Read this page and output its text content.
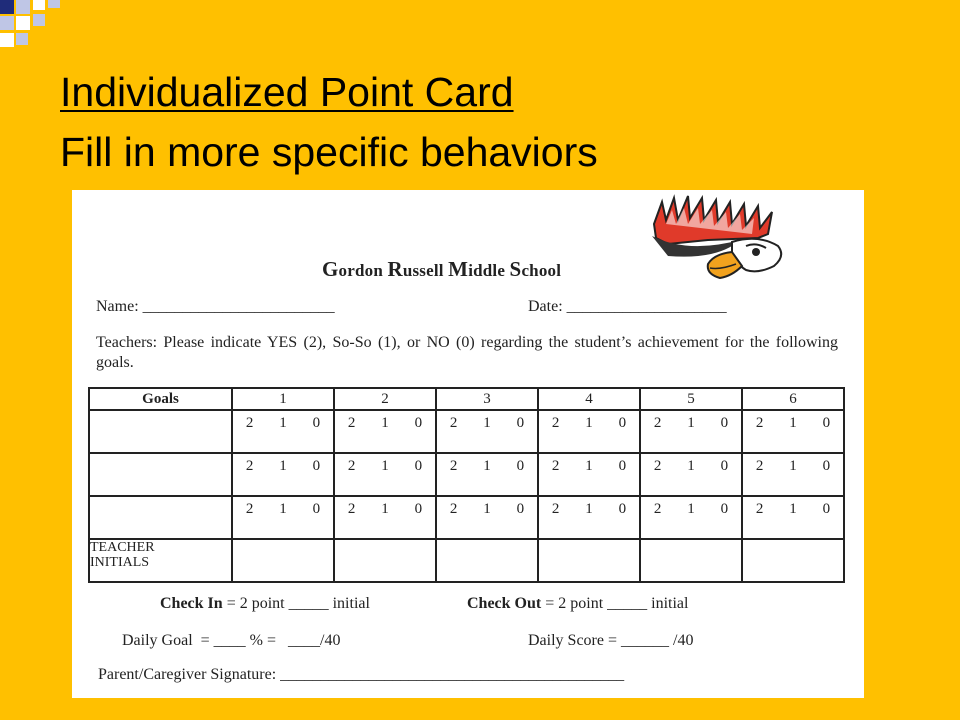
Individualized Point Card
Fill in more specific behaviors
Gordon Russell Middle School
Name: ________________________	Date: ____________________
Teachers: Please indicate YES (2), So-So (1), or NO (0) regarding the student’s achievement for the following goals.
Goals	1	2	3	4	5	6

	2 1 0	2 1 0	2 1 0	2 1 0	2 1 0	2 1 0

	2 1 0	2 1 0	2 1 0	2 1 0	2 1 0	2 1 0

	2 1 0	2 1 0	2 1 0	2 1 0	2 1 0	2 1 0

TEACHER
INITIALS						
Check In = 2 point _____ initial	Check Out = 2 point _____ initial
Daily Goal  = ____ % =   ____/40	Daily Score = ______ /40
Parent/Caregiver Signature: ___________________________________________
